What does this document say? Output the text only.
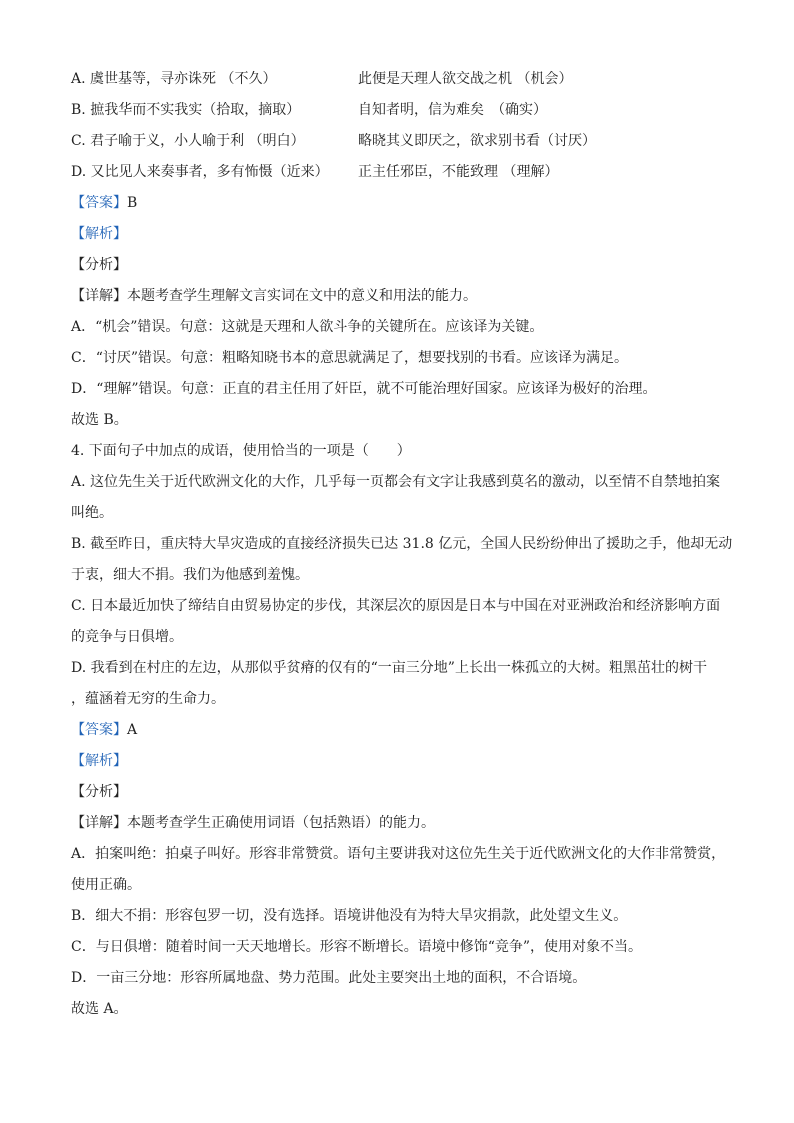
A. 虞世基等，寻亦诛死 （不久）	此便是天理人欲交战之机 （机会）
B. 摭我华而不实我实（拾取，摘取）	自知者明，信为难矣　（确实）
C. 君子喻于义，小人喻于利 （明白）	略晓其义即厌之，欲求别书看（讨厌）
D. 又比见人来奏事者，多有怖慑（近来） 正主任邪臣，不能致理 （理解）
【答案】B
【解析】
【分析】
【详解】本题考查学生理解文言实词在文中的意义和用法的能力。
A．“机会”错误。句意：这就是天理和人欲斗争的关键所在。应该译为关键。
C．“讨厌”错误。句意：粗略知晓书本的意思就满足了，想要找别的书看。应该译为满足。
D．“理解”错误。句意：正直的君主任用了奸臣，就不可能治理好国家。应该译为极好的治理。
故选 B。
4. 下面句子中加点的成语，使用恰当的一项是（　　）
A. 这位先生关于近代欧洲文化的大作，几乎每一页都会有文字让我感到莫名的激动，以至情不自禁地拍案
叫绝。
B. 截至昨日，重庆特大旱灾造成的直接经济损失已达 31.8 亿元，全国人民纷纷伸出了援助之手，他却无动
于衷，细大不捐。我们为他感到羞愧。
C. 日本最近加快了缔结自由贸易协定的步伐，其深层次的原因是日本与中国在对亚洲政治和经济影响方面
的竞争与日俱增。
D. 我看到在村庄的左边，从那似乎贫瘠的仅有的“一亩三分地”上长出一株孤立的大树。粗黑茁壮的树干
，蕴涵着无穷的生命力。
【答案】A
【解析】
【分析】
【详解】本题考查学生正确使用词语（包括熟语）的能力。
A．拍案叫绝：拍桌子叫好。形容非常赞赏。语句主要讲我对这位先生关于近代欧洲文化的大作非常赞赏，
使用正确。
B．细大不捐：形容包罗一切，没有选择。语境讲他没有为特大旱灾捐款，此处望文生义。
C．与日俱增：随着时间一天天地增长。形容不断增长。语境中修饰“竞争”，使用对象不当。
D．一亩三分地：形容所属地盘、势力范围。此处主要突出土地的面积，不合语境。
故选 A。
